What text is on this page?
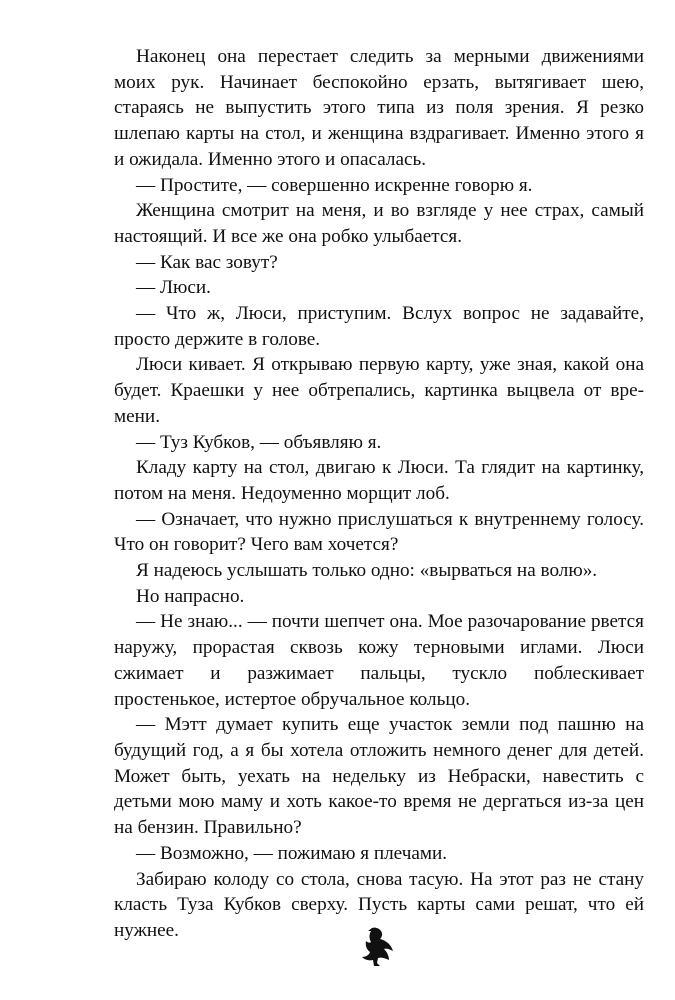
Наконец она перестает следить за мерными движениями моих рук. Начинает беспокойно ерзать, вытягивает шею, стараясь не выпустить этого типа из поля зрения. Я резко шлепаю карты на стол, и женщина вздрагивает. Именно этого я и ожидала. Именно этого и опасалась.

— Простите, — совершенно искренне говорю я.

Женщина смотрит на меня, и во взгляде у нее страх, самый настоящий. И все же она робко улыбается.

— Как вас зовут?

— Люси.

— Что ж, Люси, приступим. Вслух вопрос не задавайте, просто держите в голове.

Люси кивает. Я открываю первую карту, уже зная, какой она будет. Краешки у нее обтрепались, картинка выцвела от времени.

— Туз Кубков, — объявляю я.

Кладу карту на стол, двигаю к Люси. Та глядит на картинку, потом на меня. Недоуменно морщит лоб.

— Означает, что нужно прислушаться к внутреннему голосу. Что он говорит? Чего вам хочется?

Я надеюсь услышать только одно: «вырваться на волю».

Но напрасно.

— Не знаю... — почти шепчет она. Мое разочарование рвется наружу, прорастая сквозь кожу терновыми иглами. Люси сжимает и разжимает пальцы, тускло поблескивает простенькое, истертое обручальное кольцо.

— Мэтт думает купить еще участок земли под пашню на будущий год, а я бы хотела отложить немного денег для детей. Может быть, уехать на недельку из Небраски, навестить с детьми мою маму и хоть какое-то время не дергаться из-за цен на бензин. Правильно?

— Возможно, — пожимаю я плечами.

Забираю колоду со стола, снова тасую. На этот раз не стану класть Туза Кубков сверху. Пусть карты сами решат, что ей нужнее.
